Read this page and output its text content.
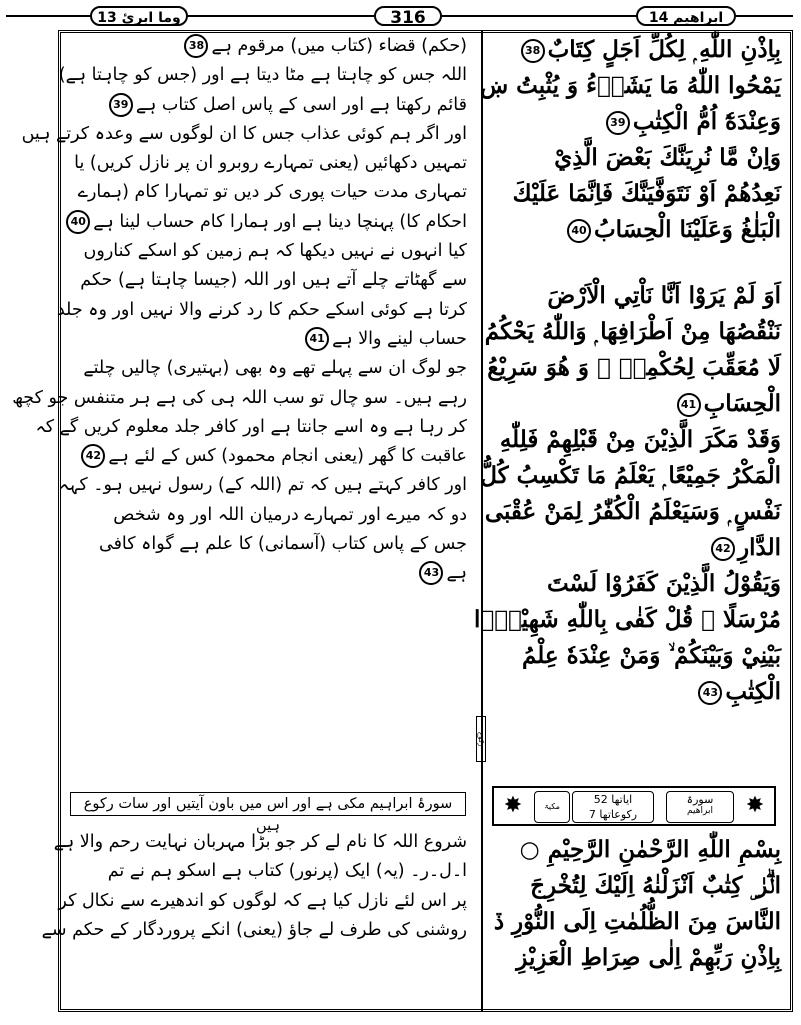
وما ابرئ 13	316	ابراھیم 14
(حکم) قضاء (کتاب میں) مرقوم ہے38
اللہ جس کو چاہتا ہے مٹا دیتا ہے اور (جس کو چاہتا ہے)
قائم رکھتا ہے اور اسی کے پاس اصل کتاب ہے39
اور اگر ہم کوئی عذاب جس کا ان لوگوں سے وعدہ کرتے ہیں
تمہیں دکھائیں (یعنی تمہارے روبرو ان پر نازل کریں) یا
تمہاری مدت حیات پوری کر دیں تو تمہارا کام (ہمارے
احکام کا) پہنچا دینا ہے اور ہمارا کام حساب لینا ہے40
کیا انہوں نے نہیں دیکھا کہ ہم زمین کو اسکے کناروں
سے گھٹاتے چلے آتے ہیں اور اللہ (جیسا چاہتا ہے) حکم
کرتا ہے کوئی اسکے حکم کا رد کرنے والا نہیں اور وہ جلد
حساب لینے والا ہے41
جو لوگ ان سے پہلے تھے وہ بھی (بہتیری) چالیں چلتے
رہے ہیں۔ سو چال تو سب اللہ ہی کی ہے ہر متنفس جو کچھ
کر رہا ہے وہ اسے جانتا ہے اور کافر جلد معلوم کریں گے کہ
عاقبت کا گھر (یعنی انجام محمود) کس کے لئے ہے42
اور کافر کہتے ہیں کہ تم (اللہ کے) رسول نہیں ہو۔ کہہ
دو کہ میرے اور تمہارے درمیان اللہ اور وہ شخص
جس کے پاس کتاب (آسمانی) کا علم ہے گواہ کافی
ہے43
بِاِذْنِ اللّٰهِ ۭ لِكُلِّ اَجَلٍ كِتَابٌ38
يَمْحُوا اللّٰهُ مَا يَشَاۗءُ وَ يُثْبِتُ ښ
وَعِنْدَهٗٓ اُمُّ الْكِتٰبِ39
وَاِنْ مَّا نُرِيَنَّكَ بَعْضَ الَّذِيْ
نَعِدُهُمْ اَوْ نَتَوَفَّيَنَّكَ فَاِنَّمَا عَلَيْكَ
الْبَلٰغُ وَعَلَيْنَا الْحِسَابُ40
اَوَ لَمْ يَرَوْا اَنَّا نَاْتِي الْاَرْضَ
نَنْقُصُهَا مِنْ اَطْرَافِهَا ۭ وَاللّٰهُ يَحْكُمُ
لَا مُعَقِّبَ لِحُكْمِهٖ ۭ وَ هُوَ سَرِيْعُ
الْحِسَابِ41
وَقَدْ مَكَرَ الَّذِيْنَ مِنْ قَبْلِهِمْ فَلِلّٰهِ
الْمَكْرُ جَمِيْعًا ۭ يَعْلَمُ مَا تَكْسِبُ كُلُّ
نَفْسٍ ۭ وَسَيَعْلَمُ الْكُفّٰرُ لِمَنْ عُقْبَى
الدَّارِ42
وَيَقُوْلُ الَّذِيْنَ كَفَرُوْا لَسْتَ
مُرْسَلًا ۭ قُلْ كَفٰى بِاللّٰهِ شَهِيْدًۢا
بَيْنِيْ وَبَيْنَكُمْ ۙ وَمَنْ عِنْدَهٗ عِلْمُ
الْكِتٰبِ43
سورۂ ابراہیم مکی ہے اور اس میں باون آیتیں اور سات رکوع ہیں
✸
سورۃ
ابراھیم
ایاتھا 52
رکوعاتھا 7
مکیۃ
✸
رکوع
شروع اللہ کا نام لے کر جو بڑا مہربان نہایت رحم والا ہے
ا۔ل۔ر۔ (یہ) ایک (پرنور) کتاب ہے اسکو ہم نے تم
پر اس لئے نازل کیا ہے کہ لوگوں کو اندھیرے سے نکال کر
روشنی کی طرف لے جاؤ (یعنی) انکے پروردگار کے حکم سے
بِسْمِ اللّٰهِ الرَّحْمٰنِ الرَّحِيْمِ ○
الۗرٰ ۣ كِتٰبٌ اَنْزَلْنٰهُ اِلَيْكَ لِتُخْرِجَ
النَّاسَ مِنَ الظُّلُمٰتِ اِلَى النُّوْرِ ڏ
بِاِذْنِ رَبِّهِمْ اِلٰى صِرَاطِ الْعَزِيْزِ
